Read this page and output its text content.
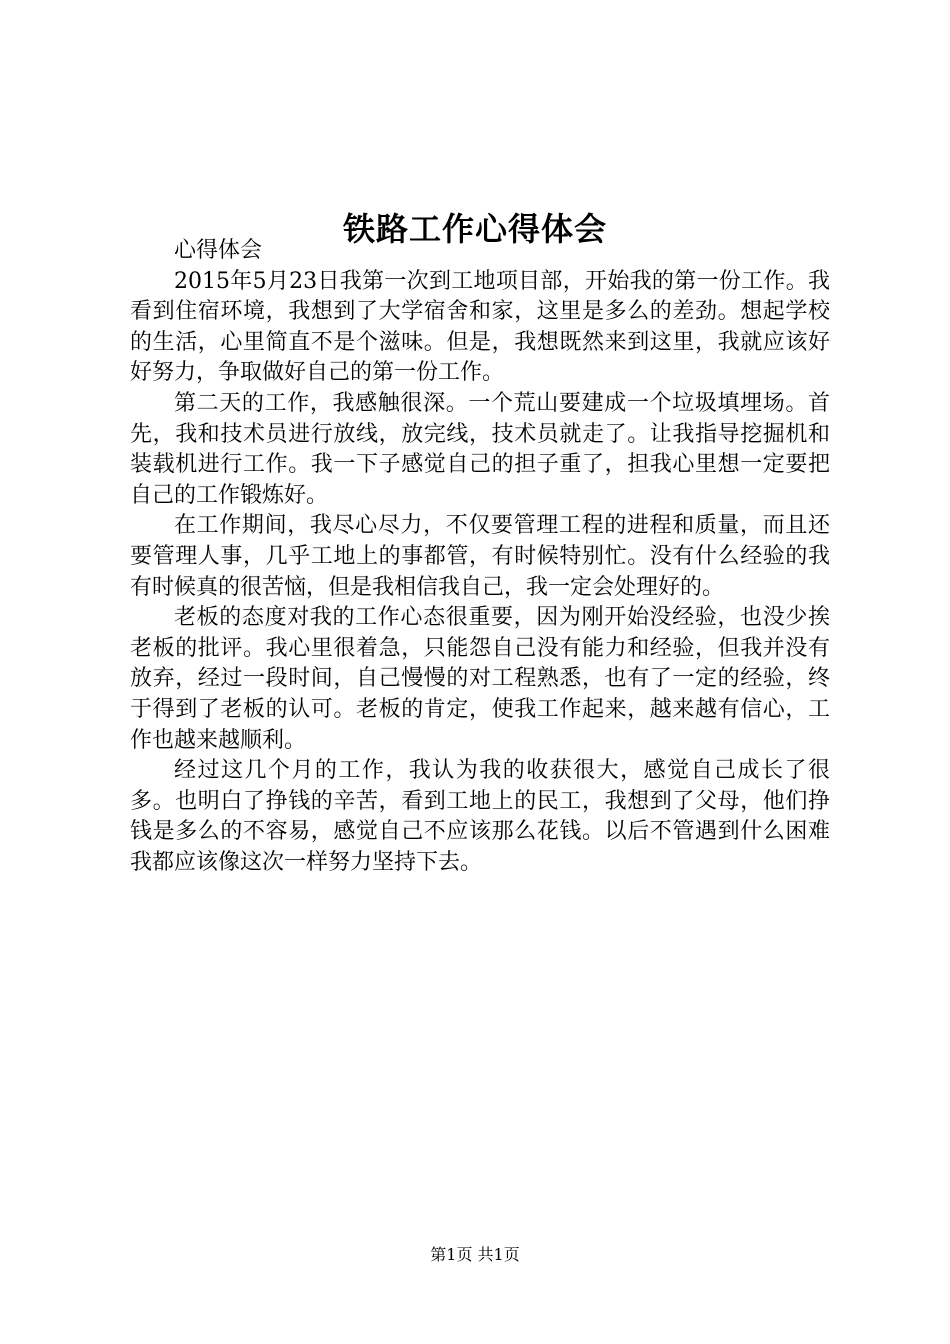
铁路工作心得体会

心得体会

2015年5月23日我第一次到工地项目部，开始我的第一份工作。我看到住宿环境，我想到了大学宿舍和家，这里是多么的差劲。想起学校的生活，心里简直不是个滋味。但是，我想既然来到这里，我就应该好好努力，争取做好自己的第一份工作。

第二天的工作，我感触很深。一个荒山要建成一个垃圾填埋场。首先，我和技术员进行放线，放完线，技术员就走了。让我指导挖掘机和装载机进行工作。我一下子感觉自己的担子重了，担我心里想一定要把自己的工作锻炼好。

在工作期间，我尽心尽力，不仅要管理工程的进程和质量，而且还要管理人事，几乎工地上的事都管，有时候特别忙。没有什么经验的我有时候真的很苦恼，但是我相信我自己，我一定会处理好的。

老板的态度对我的工作心态很重要，因为刚开始没经验，也没少挨老板的批评。我心里很着急，只能怨自己没有能力和经验，但我并没有放弃，经过一段时间，自己慢慢的对工程熟悉，也有了一定的经验，终于得到了老板的认可。老板的肯定，使我工作起来，越来越有信心，工作也越来越顺利。

经过这几个月的工作，我认为我的收获很大，感觉自己成长了很多。也明白了挣钱的辛苦，看到工地上的民工，我想到了父母，他们挣钱是多么的不容易，感觉自己不应该那么花钱。以后不管遇到什么困难我都应该像这次一样努力坚持下去。

第1页 共1页
